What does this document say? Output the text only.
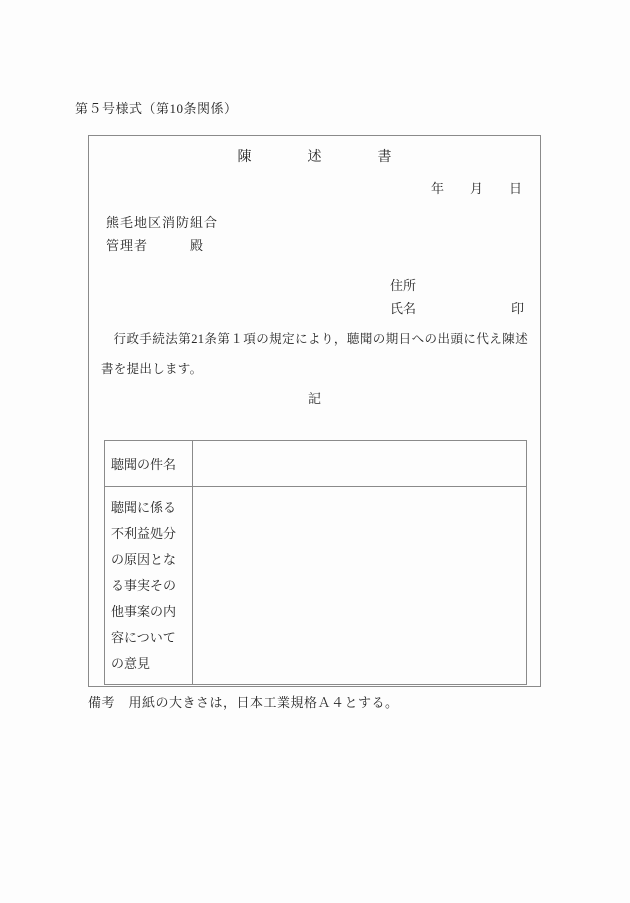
第５号様式（第10条関係）
陳　　　　述　　　　書
年　　月　　日
熊毛地区消防組合
管理者　　　殿
住所
氏名	印
行政手続法第21条第１項の規定により，聴聞の期日への出頭に代え陳述書を提出します。
記
聴聞の件名	

聴聞に係る
不利益処分
の原因とな
る事実その
他事案の内
容について
の意見

備考　用紙の大きさは，日本工業規格Ａ４とする。
